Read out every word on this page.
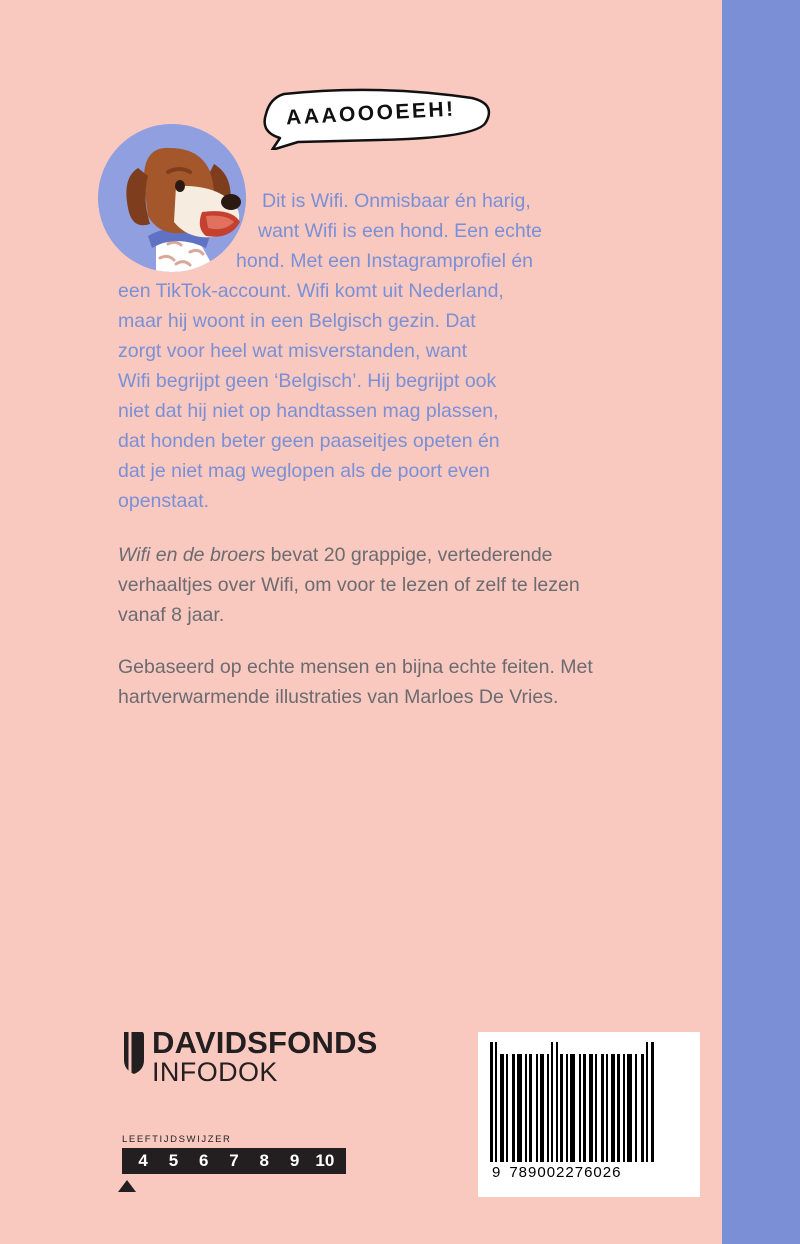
AAAOOOEEH!

Dit is Wifi. Onmisbaar én harig,

want Wifi is een hond. Een echte

hond. Met een Instagramprofiel én

een TikTok-account. Wifi komt uit Nederland,

maar hij woont in een Belgisch gezin. Dat

zorgt voor heel wat misverstanden, want

Wifi begrijpt geen ‘Belgisch’. Hij begrijpt ook

niet dat hij niet op handtassen mag plassen,

dat honden beter geen paaseitjes opeten én

dat je niet mag weglopen als de poort even

openstaat.

Wifi en de broers bevat 20 grappige, vertederende verhaaltjes over Wifi, om voor te lezen of zelf te lezen vanaf 8 jaar.
Gebaseerd op echte mensen en bijna echte feiten. Met hartverwarmende illustraties van Marloes De Vries.
DAVIDSFONDS
INFODOK
LEEFTIJDSWIJZER
4	5	6	7	8	9 10
9 789002276026
